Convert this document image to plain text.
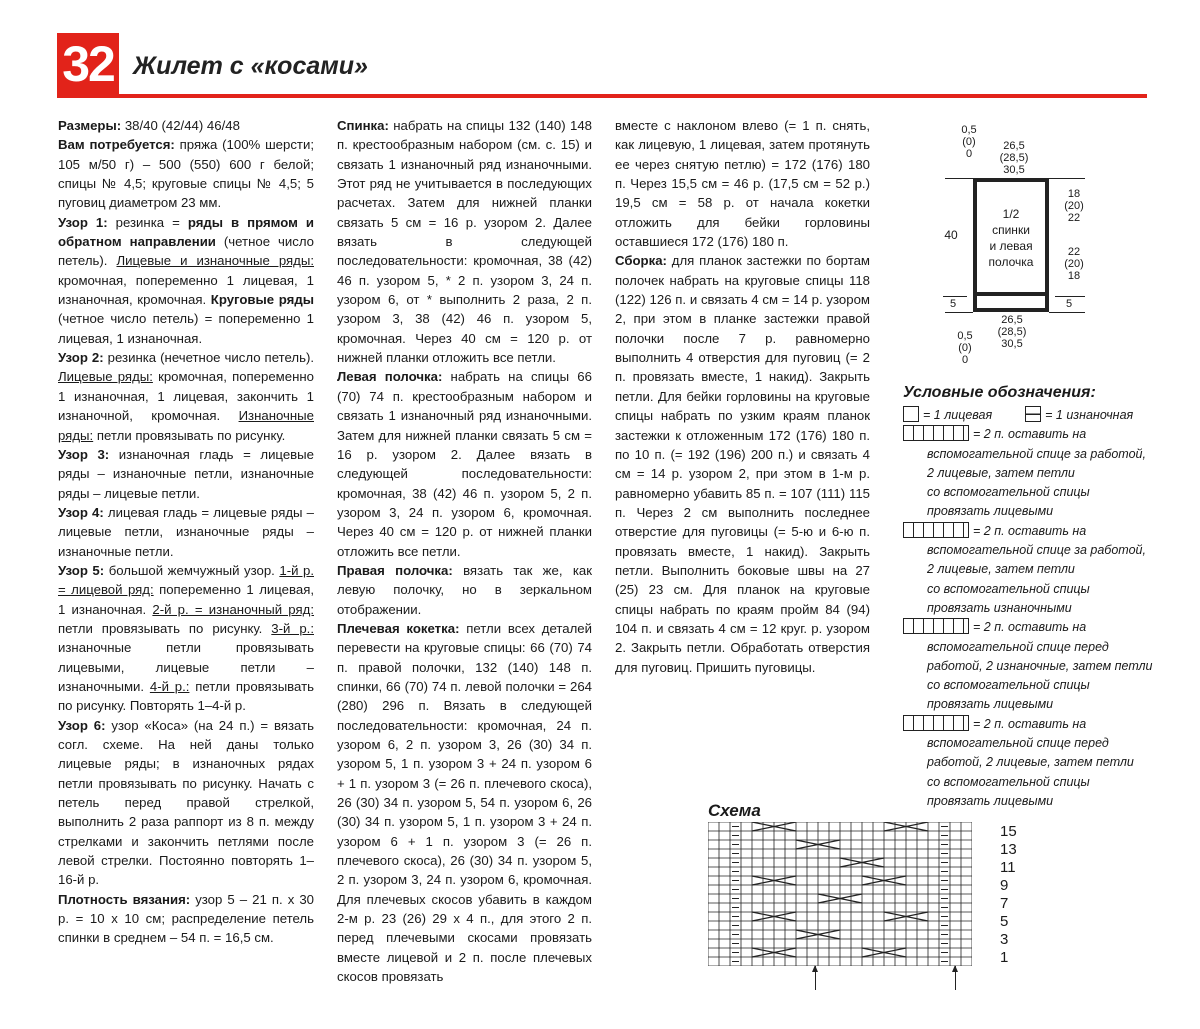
32 Жилет с «косами»

Размеры: 38/40 (42/44) 46/48

Вам потребуется: пряжа (100% шерсти; 105 м/50 г) – 500 (550) 600 г белой; спицы № 4,5; круговые спицы № 4,5; 5 пуговиц диаметром 23 мм.

Узор 1: резинка = ряды в прямом и обратном направлении (четное число петель). Лицевые и изнаночные ряды: кромочная, попеременно 1 лицевая, 1 изнаночная, кромочная. Круговые ряды (четное число петель) = попеременно 1 лицевая, 1 изнаночная.

Узор 2: резинка (нечетное число петель). Лицевые ряды: кромочная, попеременно 1 изнаночная, 1 лицевая, закончить 1 изнаночной, кромочная. Изнаночные ряды: петли провязывать по рисунку.

Узор 3: изнаночная гладь = лицевые ряды – изнаночные петли, изнаночные ряды – лицевые петли.

Узор 4: лицевая гладь = лицевые ряды – лицевые петли, изнаночные ряды – изнаночные петли.

Узор 5: большой жемчужный узор. 1-й р. = лицевой ряд: попеременно 1 лицевая, 1 изнаночная. 2-й р. = изнаночный ряд: петли провязывать по рисунку. 3-й р.: изнаночные петли провязывать лицевыми, лицевые петли – изнаночными. 4-й р.: петли провязывать по рисунку. Повторять 1–4-й р.

Узор 6: узор «Коса» (на 24 п.) = вязать согл. схеме. На ней даны только лицевые ряды; в изнаночных рядах петли провязывать по рисунку. Начать с петель перед правой стрелкой, выполнить 2 раза раппорт из 8 п. между стрелками и закончить петлями после левой стрелки. Постоянно повторять 1–16-й р.

Плотность вязания: узор 5 – 21 п. х 30 р. = 10 х 10 см; распределение петель спинки в среднем – 54 п. = 16,5 см.

Спинка: набрать на спицы 132 (140) 148 п. крестообразным набором (см. с. 15) и связать 1 изнаночный ряд изнаночными. Этот ряд не учитывается в последующих расчетах. Затем для нижней планки связать 5 см = 16 р. узором 2. Далее вязать в следующей последовательности: кромочная, 38 (42) 46 п. узором 5, * 2 п. узором 3, 24 п. узором 6, от * выполнить 2 раза, 2 п. узором 3, 38 (42) 46 п. узором 5, кромочная. Через 40 см = 120 р. от нижней планки отложить все петли.

Левая полочка: набрать на спицы 66 (70) 74 п. крестообразным набором и связать 1 изнаночный ряд изнаночными. Затем для нижней планки связать 5 см = 16 р. узором 2. Далее вязать в следующей последовательности: кромочная, 38 (42) 46 п. узором 5, 2 п. узором 3, 24 п. узором 6, кромочная. Через 40 см = 120 р. от нижней планки отложить все петли.

Правая полочка: вязать так же, как левую полочку, но в зеркальном отображении.

Плечевая кокетка: петли всех деталей перевести на круговые спицы: 66 (70) 74 п. правой полочки, 132 (140) 148 п. спинки, 66 (70) 74 п. левой полочки = 264 (280) 296 п. Вязать в следующей последовательности: кромочная, 24 п. узором 6, 2 п. узором 3, 26 (30) 34 п. узором 5, 1 п. узором 3 + 24 п. узором 6 + 1 п. узором 3 (= 26 п. плечевого скоса), 26 (30) 34 п. узором 5, 54 п. узором 6, 26 (30) 34 п. узором 5, 1 п. узором 3 + 24 п. узором 6 + 1 п. узором 3 (= 26 п. плечевого скоса), 26 (30) 34 п. узором 5, 2 п. узором 3, 24 п. узором 6, кромочная. Для плечевых скосов убавить в каждом 2-м р. 23 (26) 29 х 4 п., для этого 2 п. перед плечевыми скосами провязать вместе лицевой и 2 п. после плечевых скосов провязать

вместе с наклоном влево (= 1 п. снять, как лицевую, 1 лицевая, затем протянуть ее через снятую петлю) = 172 (176) 180 п. Через 15,5 см = 46 р. (17,5 см = 52 р.) 19,5 см = 58 р. от начала кокетки отложить для бейки горловины оставшиеся 172 (176) 180 п.

Сборка: для планок застежки по бортам полочек набрать на круговые спицы 118 (122) 126 п. и связать 4 см = 14 р. узором 2, при этом в планке застежки правой полочки после 7 р. равномерно выполнить 4 отверстия для пуговиц (= 2 п. провязать вместе, 1 накид). Закрыть петли. Для бейки горловины на круговые спицы набрать по узким краям планок застежки к отложенным 172 (176) 180 п. по 10 п. (= 192 (196) 200 п.) и связать 4 см = 14 р. узором 2, при этом в 1-м р. равномерно убавить 85 п. = 107 (111) 115 п. Через 2 см выполнить последнее отверстие для пуговицы (= 5-ю и 6-ю п. провязать вместе, 1 накид). Закрыть петли. Выполнить боковые швы на 27 (25) 23 см. Для планок на круговые спицы набрать по краям пройм 84 (94) 104 п. и связать 4 см = 12 круг. р. узором 2. Закрыть петли. Обработать отверстия для пуговиц. Пришить пуговицы.

0,5
(0)
0
26,5
(28,5)
30,5
18
(20)
22
40
1/2
спинки
и левая
полочка
22
(20)
18
5	5
26,5
(28,5)
30,5
0,5
(0)
0
Условные обозначения:
= 1 лицевая	= 1 изнаночная
= 2 п. оставить на
вспомогательной спице за работой,
2 лицевые, затем петли
со вспомогательной спицы
провязать лицевыми
= 2 п. оставить на
вспомогательной спице за работой,
2 лицевые, затем петли
со вспомогательной спицы
провязать изнаночными
= 2 п. оставить на
вспомогательной спице перед
работой, 2 изнаночные, затем петли
со вспомогательной спицы
провязать лицевыми
= 2 п. оставить на
вспомогательной спице перед
работой, 2 лицевые, затем петли
со вспомогательной спицы
провязать лицевыми
Схема
15
13
11
9
7
5
3
1
